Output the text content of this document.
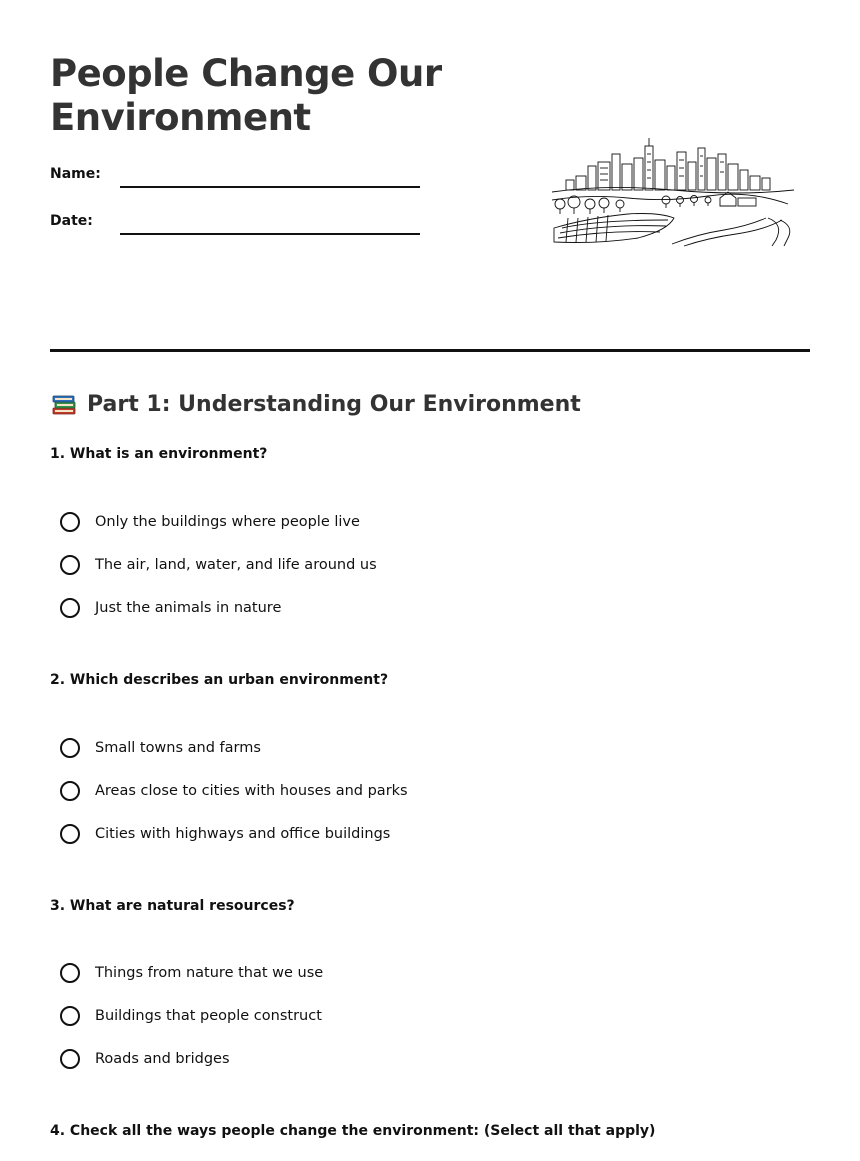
People Change Our Environment
Name:
Date:
Part 1: Understanding Our Environment
1. What is an environment?
Only the buildings where people live
The air, land, water, and life around us
Just the animals in nature
2. Which describes an urban environment?
Small towns and farms
Areas close to cities with houses and parks
Cities with highways and office buildings
3. What are natural resources?
Things from nature that we use
Buildings that people construct
Roads and bridges
4. Check all the ways people change the environment: (Select all that apply)
